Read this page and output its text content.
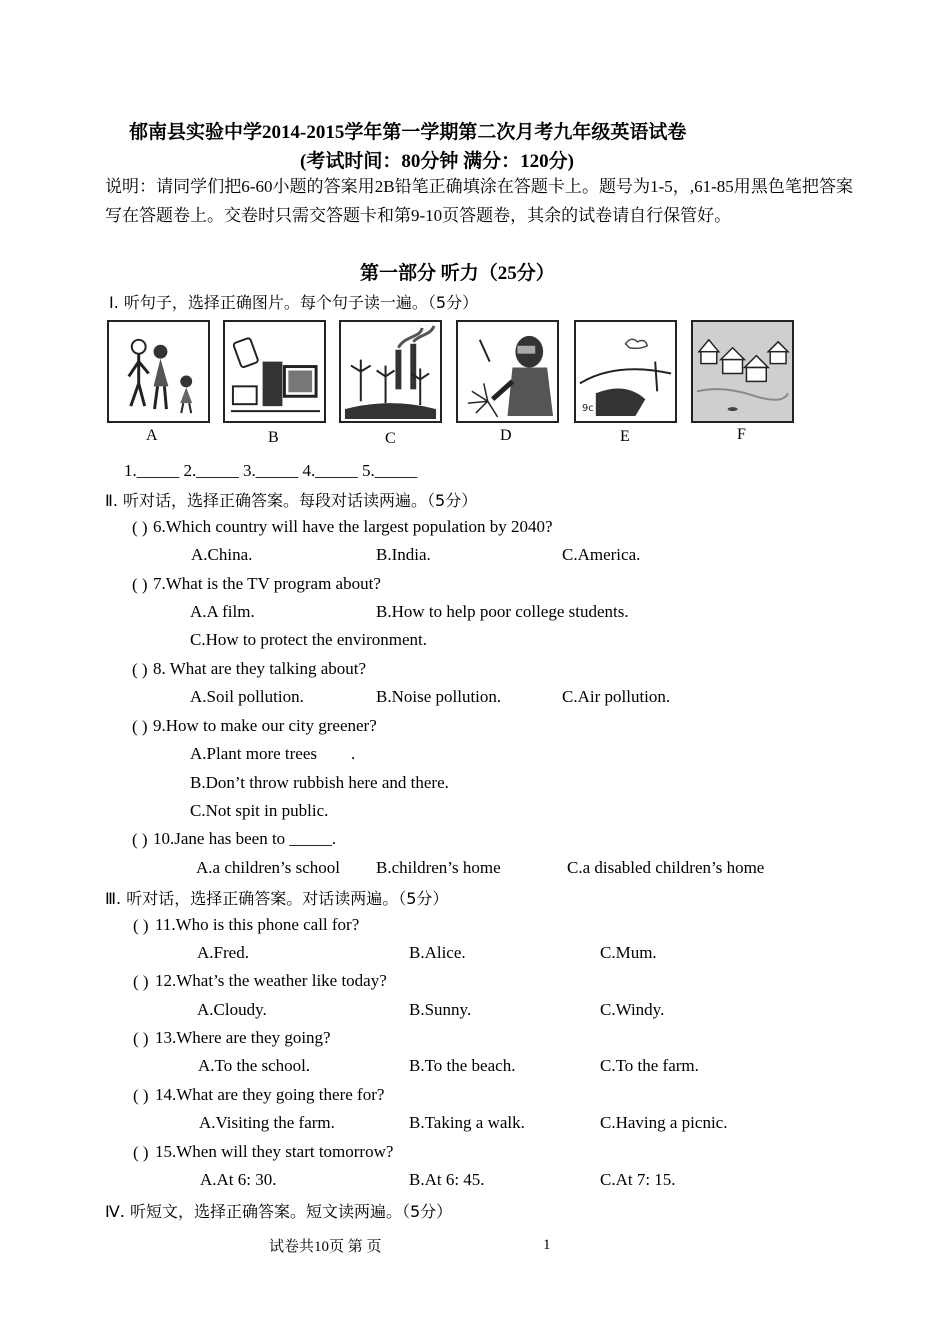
郁南县实验中学2014-2015学年第一学期第二次月考九年级英语试卷
(考试时间：80分钟 满分：120分)
说明：请同学们把6-60小题的答案用2B铅笔正确填涂在答题卡上。题号为1-5，,61-85用黑色笔把答案写在答题卷上。交卷时只需交答题卡和第9-10页答题卷，其余的试卷请自行保管好。
第一部分 听力（25分）
Ⅰ. 听句子，选择正确图片。每个句子读一遍。（5分）
9c
A	B	C	D	E	F
1._____ 2._____ 3._____ 4._____ 5._____
Ⅱ. 听对话，选择正确答案。每段对话读两遍。（5分）
( ) 6.Which country will have the largest population by 2040?
A.China.	B.India.	C.America.
( ) 7.What is the TV program about?
A.A film.	B.How to help poor college students.
C.How to protect the environment.
( ) 8. What are they talking about?
A.Soil pollution.	B.Noise pollution.	C.Air pollution.
( ) 9.How to make our city greener?
A.Plant more trees        .
B.Don’t throw rubbish here and there.
C.Not spit in public.
( ) 10.Jane has been to _____.
A.a children’s school B.children’s home	C.a disabled children’s home
Ⅲ. 听对话，选择正确答案。对话读两遍。（5分）
( ) 11.Who is this phone call for?
A.Fred.	B.Alice.	C.Mum.
( ) 12.What’s the weather like today?
A.Cloudy.	B.Sunny.	C.Windy.
( ) 13.Where are they going?
A.To the school.	B.To the beach.	C.To the farm.
( ) 14.What are they going there for?
A.Visiting the farm.	B.Taking a walk.	C.Having a picnic.
( ) 15.When will they start tomorrow?
A.At 6: 30.	B.At 6: 45.	C.At 7: 15.
Ⅳ. 听短文，选择正确答案。短文读两遍。（5分）
试卷共10页 第 页	1
